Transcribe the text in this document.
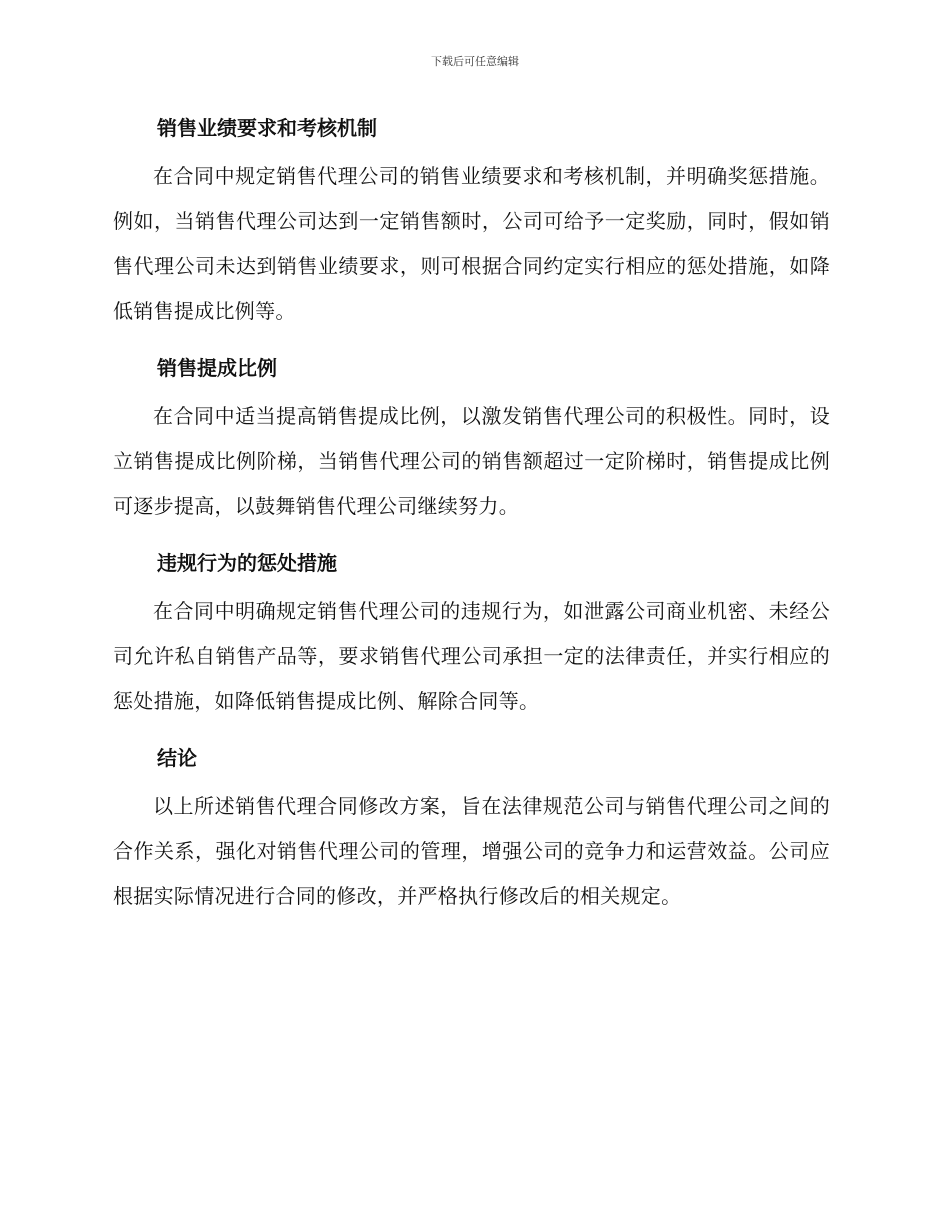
下载后可任意编辑
销售业绩要求和考核机制

在合同中规定销售代理公司的销售业绩要求和考核机制，并明确奖惩措施。例如，当销售代理公司达到一定销售额时，公司可给予一定奖励，同时，假如销售代理公司未达到销售业绩要求，则可根据合同约定实行相应的惩处措施，如降低销售提成比例等。

销售提成比例

在合同中适当提高销售提成比例，以激发销售代理公司的积极性。同时，设立销售提成比例阶梯，当销售代理公司的销售额超过一定阶梯时，销售提成比例可逐步提高，以鼓舞销售代理公司继续努力。

违规行为的惩处措施

在合同中明确规定销售代理公司的违规行为，如泄露公司商业机密、未经公司允许私自销售产品等，要求销售代理公司承担一定的法律责任，并实行相应的惩处措施，如降低销售提成比例、解除合同等。

结论

以上所述销售代理合同修改方案，旨在法律规范公司与销售代理公司之间的合作关系，强化对销售代理公司的管理，增强公司的竞争力和运营效益。公司应根据实际情况进行合同的修改，并严格执行修改后的相关规定。
